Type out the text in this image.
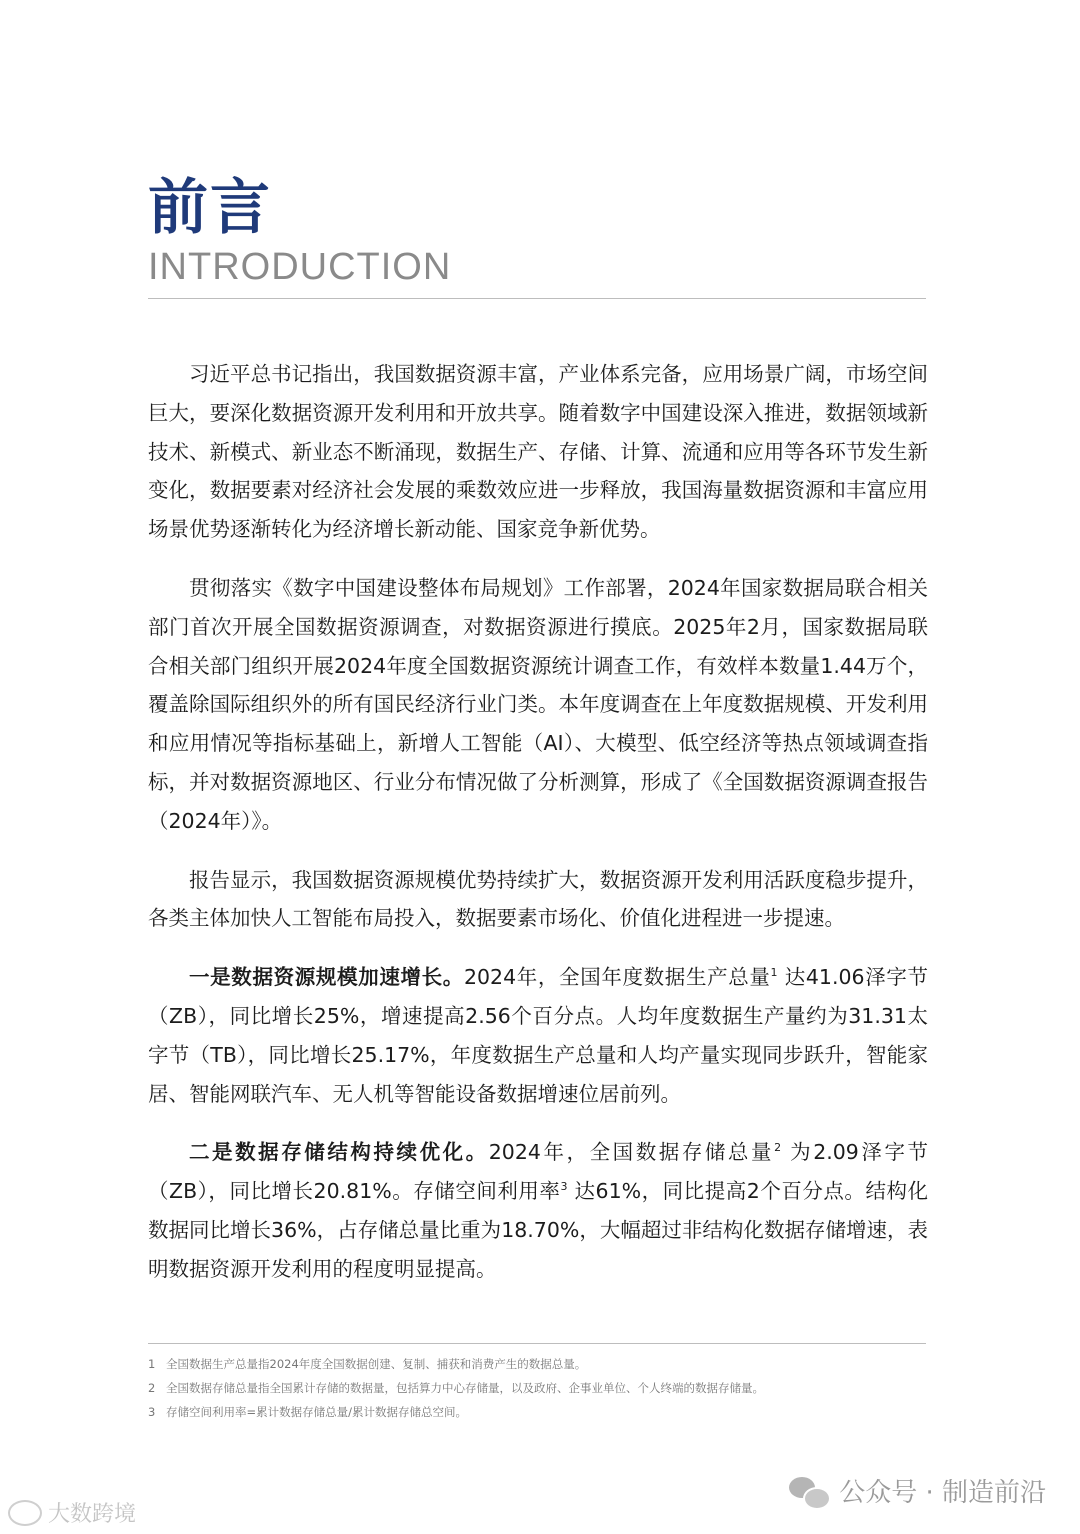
前言
INTRODUCTION

习近平总书记指出，我国数据资源丰富，产业体系完备，应用场景广阔，市场空间巨大，要深化数据资源开发利用和开放共享。随着数字中国建设深入推进，数据领域新技术、新模式、新业态不断涌现，数据生产、存储、计算、流通和应用等各环节发生新变化，数据要素对经济社会发展的乘数效应进一步释放，我国海量数据资源和丰富应用场景优势逐渐转化为经济增长新动能、国家竞争新优势。

贯彻落实《数字中国建设整体布局规划》工作部署，2024年国家数据局联合相关部门首次开展全国数据资源调查，对数据资源进行摸底。2025年2月，国家数据局联合相关部门组织开展2024年度全国数据资源统计调查工作，有效样本数量1.44万个，覆盖除国际组织外的所有国民经济行业门类。本年度调查在上年度数据规模、开发利用和应用情况等指标基础上，新增人工智能（AI）、大模型、低空经济等热点领域调查指标，并对数据资源地区、行业分布情况做了分析测算，形成了《全国数据资源调查报告（2024年）》。

报告显示，我国数据资源规模优势持续扩大，数据资源开发利用活跃度稳步提升，各类主体加快人工智能布局投入，数据要素市场化、价值化进程进一步提速。

一是数据资源规模加速增长。2024年，全国年度数据生产总量$^1$ 达41.06泽字节（ZB），同比增长25%，增速提高2.56个百分点。人均年度数据生产量约为31.31太字节（TB），同比增长25.17%，年度数据生产总量和人均产量实现同步跃升，智能家居、智能网联汽车、无人机等智能设备数据增速位居前列。

二是数据存储结构持续优化。2024年，全国数据存储总量$^2$ 为2.09泽字节（ZB），同比增长20.81%。存储空间利用率$^3$ 达61%，同比提高2个百分点。结构化数据同比增长36%，占存储总量比重为18.70%，大幅超过非结构化数据存储增速，表明数据资源开发利用的程度明显提高。

1 全国数据生产总量指2024年度全国数据创建、复制、捕获和消费产生的数据总量。
2 全国数据存储总量指全国累计存储的数据量，包括算力中心存储量，以及政府、企事业单位、个人终端的数据存储量。
3 存储空间利用率=累计数据存储总量/累计数据存储总空间。
公众号 · 制造前沿
大数跨境
